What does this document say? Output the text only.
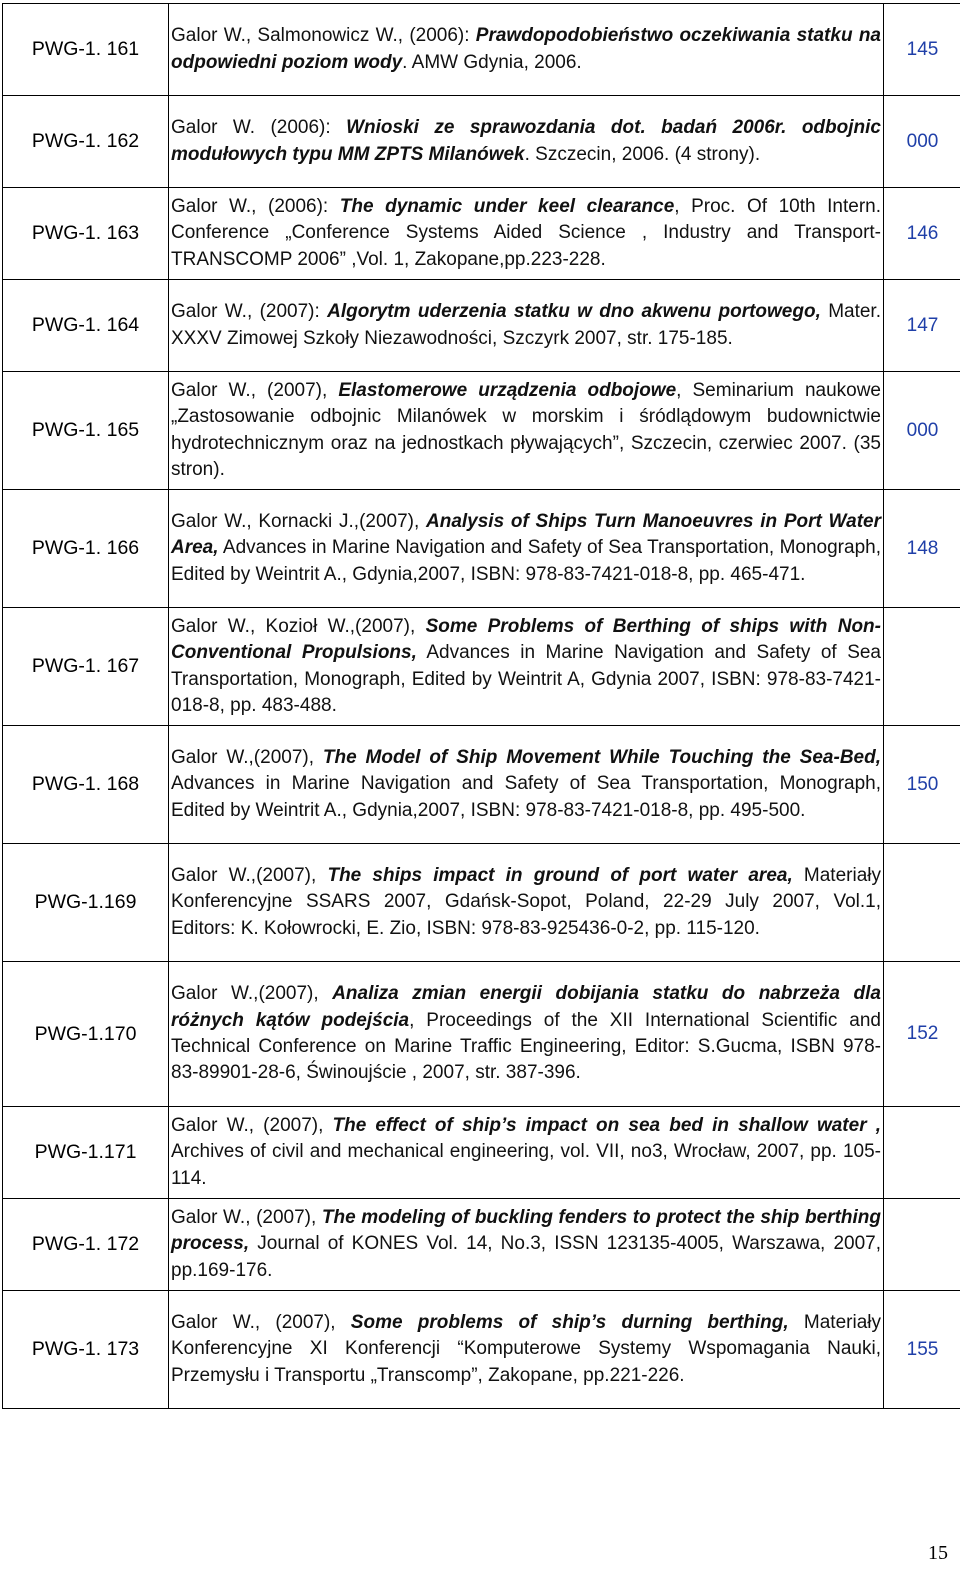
PWG-1. 161	Galor W., Salmonowicz W., (2006): Prawdopodobieństwo oczekiwania statku na odpowiedni poziom wody. AMW Gdynia, 2006.	145
PWG-1. 162	Galor W. (2006): Wnioski ze sprawozdania dot. badań 2006r. odbojnic modułowych typu MM ZPTS Milanówek. Szczecin, 2006. (4 strony).	000
PWG-1. 163	Galor W., (2006): The dynamic under keel clearance, Proc. Of 10th Intern. Conference „Conference Systems Aided Science , Industry and Transport-TRANSCOMP 2006” ,Vol. 1, Zakopane,pp.223-228.	146
PWG-1. 164	Galor W., (2007): Algorytm uderzenia statku w dno akwenu portowego, Mater. XXXV Zimowej Szkoły Niezawodności, Szczyrk 2007, str. 175-185.	147
PWG-1. 165	Galor W., (2007), Elastomerowe urządzenia odbojowe, Seminarium naukowe „Zastosowanie odbojnic Milanówek w morskim i śródlądowym budownictwie hydrotechnicznym oraz na jednostkach pływających”, Szczecin, czerwiec 2007. (35 stron).	000
PWG-1. 166	Galor W., Kornacki J.,(2007), Analysis of Ships Turn Manoeuvres in Port Water Area, Advances in Marine Navigation and Safety of Sea Transportation, Monograph, Edited by Weintrit A., Gdynia,2007, ISBN: 978-83-7421-018-8, pp. 465-471.	148
PWG-1. 167	Galor W., Kozioł W.,(2007), Some Problems of Berthing of ships with Non-Conventional Propulsions, Advances in Marine Navigation and Safety of Sea Transportation, Monograph, Edited by Weintrit A, Gdynia 2007, ISBN: 978-83-7421-018-8, pp. 483-488.	
PWG-1. 168	Galor W.,(2007), The Model of Ship Movement While Touching the Sea-Bed, Advances in Marine Navigation and Safety of Sea Transportation, Monograph, Edited by Weintrit A., Gdynia,2007, ISBN: 978-83-7421-018-8, pp. 495-500.	150
PWG-1.169	Galor W.,(2007), The ships impact in ground of port water area, Materiały Konferencyjne SSARS 2007, Gdańsk-Sopot, Poland, 22-29 July 2007, Vol.1, Editors: K. Kołowrocki, E. Zio, ISBN: 978-83-925436-0-2, pp. 115-120.	
PWG-1.170	Galor W.,(2007), Analiza zmian energii dobijania statku do nabrzeża dla różnych kątów podejścia, Proceedings of the XII International Scientific and Technical Conference on Marine Traffic Engineering, Editor: S.Gucma, ISBN 978-83-89901-28-6, Świnoujście , 2007, str. 387-396.	152
PWG-1.171	Galor W., (2007), The effect of ship’s impact on sea bed in shallow water , Archives of civil and mechanical engineering, vol. VII, no3, Wrocław, 2007, pp. 105-114.	
PWG-1. 172	Galor W., (2007), The modeling of buckling fenders to protect the ship berthing process, Journal of KONES Vol. 14, No.3, ISSN 123135-4005, Warszawa, 2007, pp.169-176.	
PWG-1. 173	Galor W., (2007), Some problems of ship’s durning berthing, Materiały Konferencyjne XI Konferencji “Komputerowe Systemy Wspomagania Nauki, Przemysłu i Transportu „Transcomp”, Zakopane, pp.221-226.	155
15
